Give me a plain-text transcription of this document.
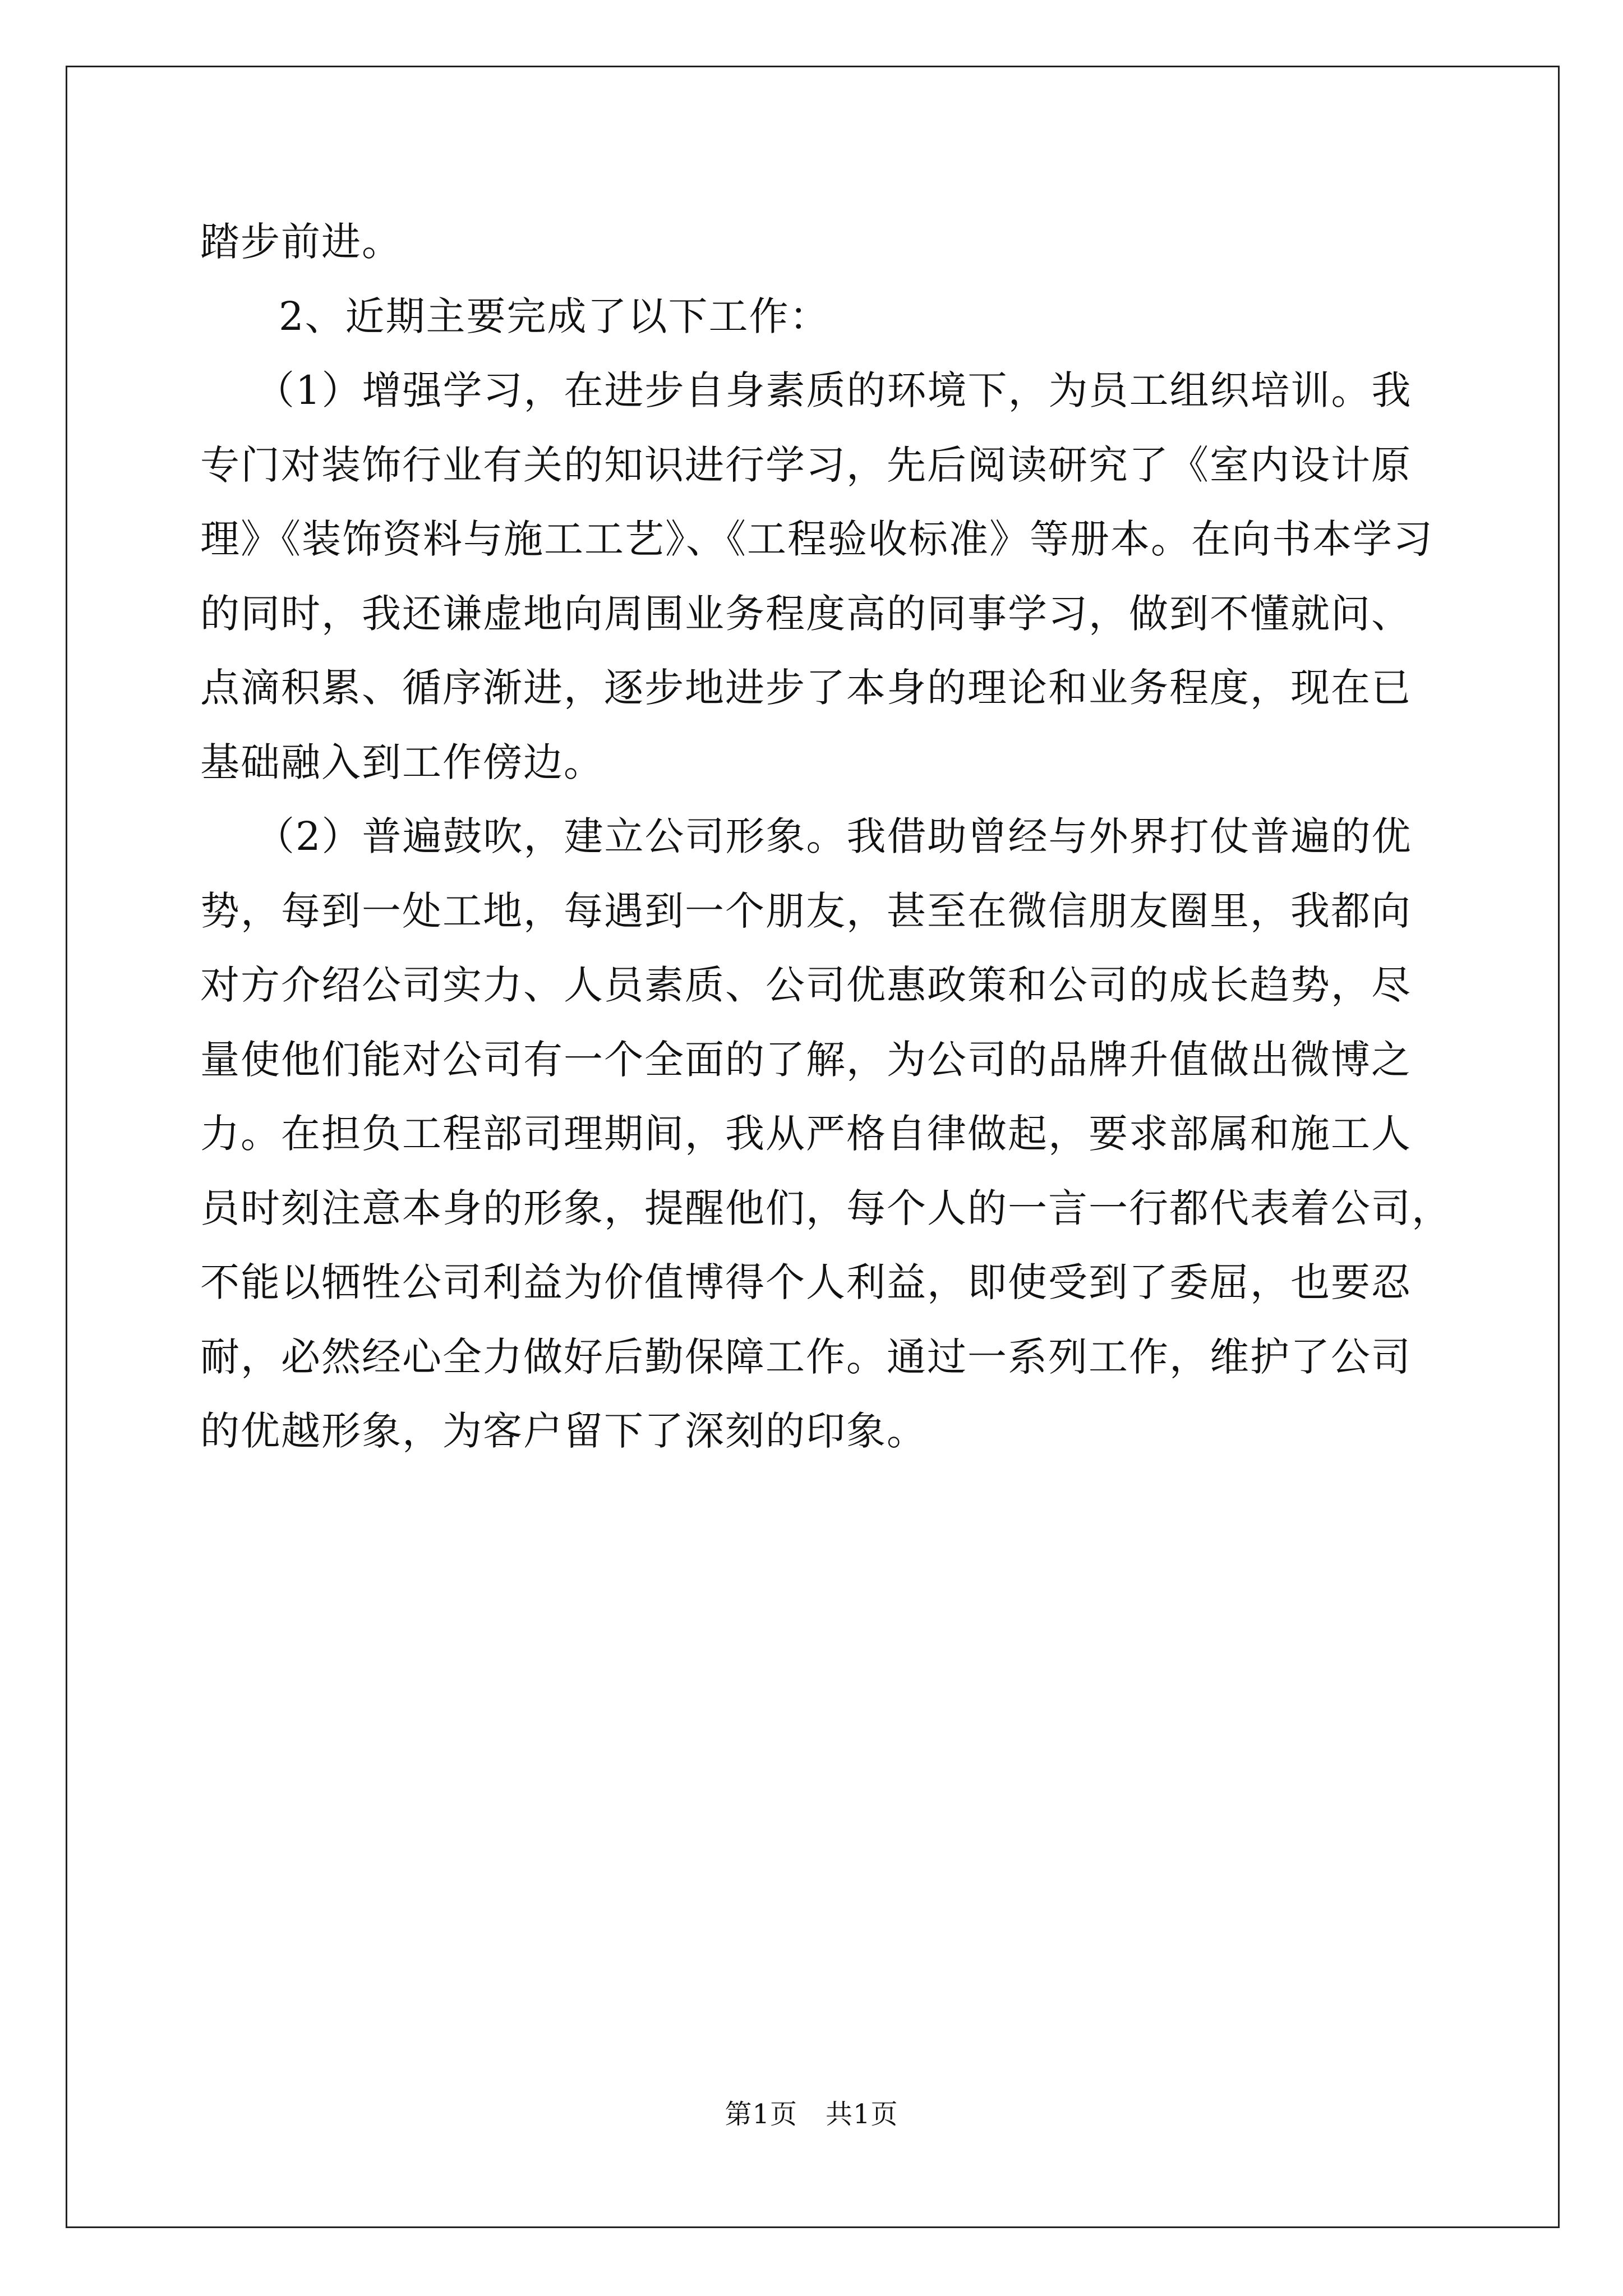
踏步前进。
2、近期主要完成了以下工作：
（1）增强学习，在进步自身素质的环境下，为员工组织培训。我
专门对装饰行业有关的知识进行学习，先后阅读研究了《室内设计原
理》《装饰资料与施工工艺》、《工程验收标准》等册本。在向书本学习
的同时，我还谦虚地向周围业务程度高的同事学习，做到不懂就问、
点滴积累、循序渐进，逐步地进步了本身的理论和业务程度，现在已
基础融入到工作傍边。
（2）普遍鼓吹，建立公司形象。我借助曾经与外界打仗普遍的优
势，每到一处工地，每遇到一个朋友，甚至在微信朋友圈里，我都向
对方介绍公司实力、人员素质、公司优惠政策和公司的成长趋势，尽
量使他们能对公司有一个全面的了解，为公司的品牌升值做出微博之
力。在担负工程部司理期间，我从严格自律做起，要求部属和施工人
员时刻注意本身的形象，提醒他们，每个人的一言一行都代表着公司，
不能以牺牲公司利益为价值博得个人利益，即使受到了委屈，也要忍
耐，必然经心全力做好后勤保障工作。通过一系列工作，维护了公司
的优越形象，为客户留下了深刻的印象。
第1页 共1页
